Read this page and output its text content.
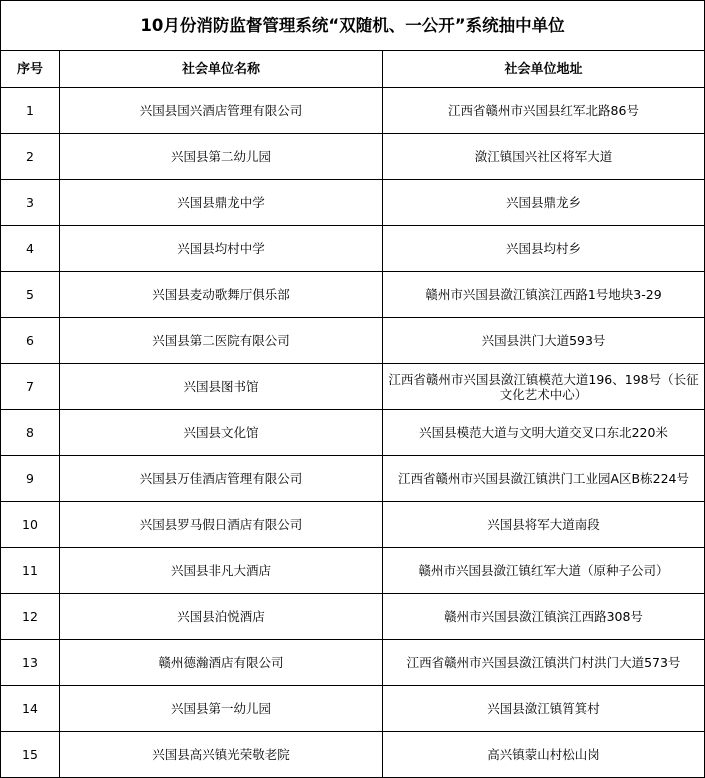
10月份消防监督管理系统“双随机、一公开”系统抽中单位		
序号	社会单位名称	社会单位地址
1	兴国县国兴酒店管理有限公司	江西省赣州市兴国县红军北路86号
2	兴国县第二幼儿园	潋江镇国兴社区将军大道
3	兴国县鼎龙中学	兴国县鼎龙乡
4	兴国县均村中学	兴国县均村乡
5	兴国县麦动歌舞厅俱乐部	赣州市兴国县潋江镇滨江西路1号地块3-29
6	兴国县第二医院有限公司	兴国县洪门大道593号
7	兴国县图书馆	江西省赣州市兴国县潋江镇模范大道196、198号（长征文化艺术中心）
8	兴国县文化馆	兴国县模范大道与文明大道交叉口东北220米
9	兴国县万佳酒店管理有限公司	江西省赣州市兴国县潋江镇洪门工业园A区B栋224号
10	兴国县罗马假日酒店有限公司	兴国县将军大道南段
11	兴国县非凡大酒店	赣州市兴国县潋江镇红军大道（原种子公司）
12	兴国县泊悦酒店	赣州市兴国县潋江镇滨江西路308号
13	赣州德瀚酒店有限公司	江西省赣州市兴国县潋江镇洪门村洪门大道573号
14	兴国县第一幼儿园	兴国县潋江镇筲箕村
15	兴国县高兴镇光荣敬老院	高兴镇蒙山村松山岗
